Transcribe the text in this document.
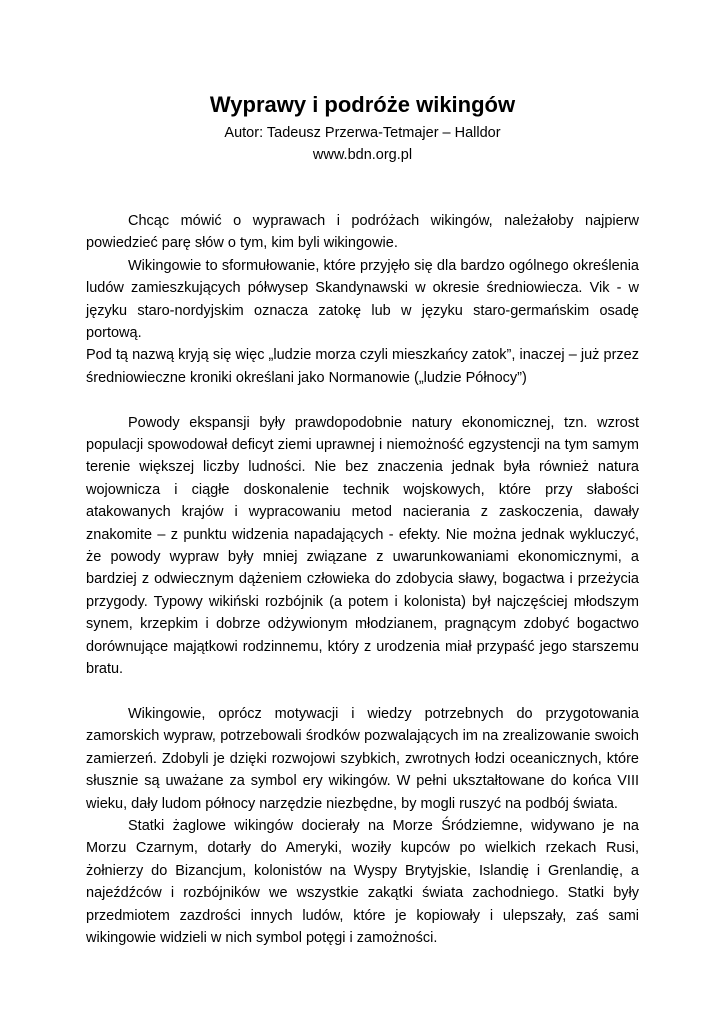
Wyprawy i podróże wikingów

Autor: Tadeusz Przerwa-Tetmajer – Halldor

www.bdn.org.pl

Chcąc mówić o wyprawach i podróżach wikingów, należałoby najpierw powiedzieć parę słów o tym, kim byli wikingowie.

Wikingowie to sformułowanie, które przyjęło się dla bardzo ogólnego określenia ludów zamieszkujących półwysep Skandynawski w okresie średniowiecza. Vik - w języku staro-nordyjskim oznacza zatokę lub w języku staro-germańskim osadę portową.

Pod tą nazwą kryją się więc „ludzie morza czyli mieszkańcy zatok”, inaczej – już przez średniowieczne kroniki określani jako Normanowie („ludzie Północy”)

Powody ekspansji były prawdopodobnie natury ekonomicznej, tzn. wzrost populacji spowodował deficyt ziemi uprawnej i niemożność egzystencji na tym samym terenie większej liczby ludności. Nie bez znaczenia jednak była również natura wojownicza i ciągłe doskonalenie technik wojskowych, które przy słabości atakowanych krajów i wypracowaniu metod nacierania z zaskoczenia, dawały znakomite – z punktu widzenia napadających - efekty. Nie można jednak wykluczyć, że powody wypraw były mniej związane z uwarunkowaniami ekonomicznymi, a bardziej z odwiecznym dążeniem człowieka do zdobycia sławy, bogactwa i przeżycia przygody. Typowy wikiński rozbójnik (a potem i kolonista) był najczęściej młodszym synem, krzepkim i dobrze odżywionym młodzianem, pragnącym zdobyć bogactwo dorównujące majątkowi rodzinnemu, który z urodzenia miał przypaść jego starszemu bratu.

Wikingowie, oprócz motywacji i wiedzy potrzebnych do przygotowania zamorskich wypraw, potrzebowali środków pozwalających im na zrealizowanie swoich zamierzeń. Zdobyli je dzięki rozwojowi szybkich, zwrotnych łodzi oceanicznych, które słusznie są uważane za symbol ery wikingów. W pełni ukształtowane do końca VIII wieku, dały ludom północy narzędzie niezbędne, by mogli ruszyć na podbój świata.

Statki żaglowe wikingów docierały na Morze Śródziemne, widywano je na Morzu Czarnym, dotarły do Ameryki, woziły kupców po wielkich rzekach Rusi, żołnierzy do Bizancjum, kolonistów na Wyspy Brytyjskie, Islandię i Grenlandię, a najeźdźców i rozbójników we wszystkie zakątki świata zachodniego. Statki były przedmiotem zazdrości innych ludów, które je kopiowały i ulepszały, zaś sami wikingowie widzieli w nich symbol potęgi i zamożności.
